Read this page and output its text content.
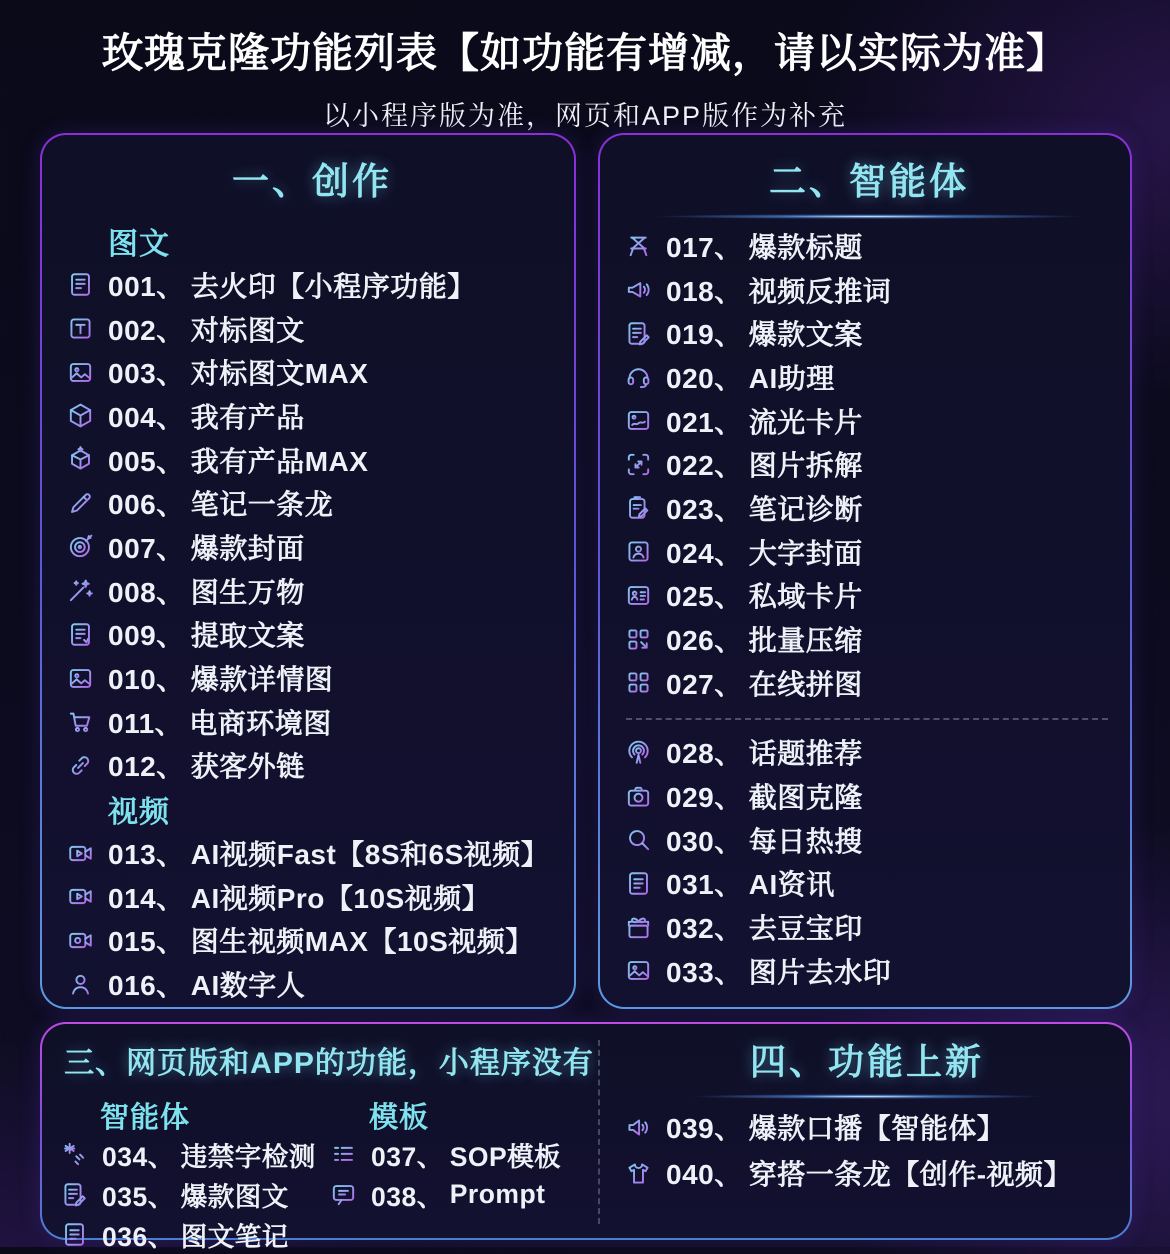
玫瑰克隆功能列表【如功能有增减，请以实际为准】
以小程序版为准，网页和APP版作为补充
一、创作
图文
001、 去火印【小程序功能】
002、 对标图文
003、 对标图文MAX
004、 我有产品
005、 我有产品MAX
006、 笔记一条龙
007、 爆款封面
008、 图生万物
009、 提取文案
010、 爆款详情图
011、 电商环境图
012、 获客外链
视频
013、 AI视频Fast【8S和6S视频】
014、 AI视频Pro【10S视频】
015、 图生视频MAX【10S视频】
016、 AI数字人
二、智能体
017、 爆款标题
018、 视频反推词
019、 爆款文案
020、 AI助理
021、 流光卡片
022、 图片拆解
023、 笔记诊断
024、 大字封面
025、 私域卡片
026、 批量压缩
027、 在线拼图
028、 话题推荐
029、 截图克隆
030、 每日热搜
031、 AI资讯
032、 去豆宝印
033、 图片去水印
三、网页版和APP的功能，小程序没有
智能体
034、 违禁字检测
035、 爆款图文
036、 图文笔记
模板
037、 SOP模板
038、 Prompt
四、功能上新
039、 爆款口播【智能体】
040、 穿搭一条龙【创作-视频】
